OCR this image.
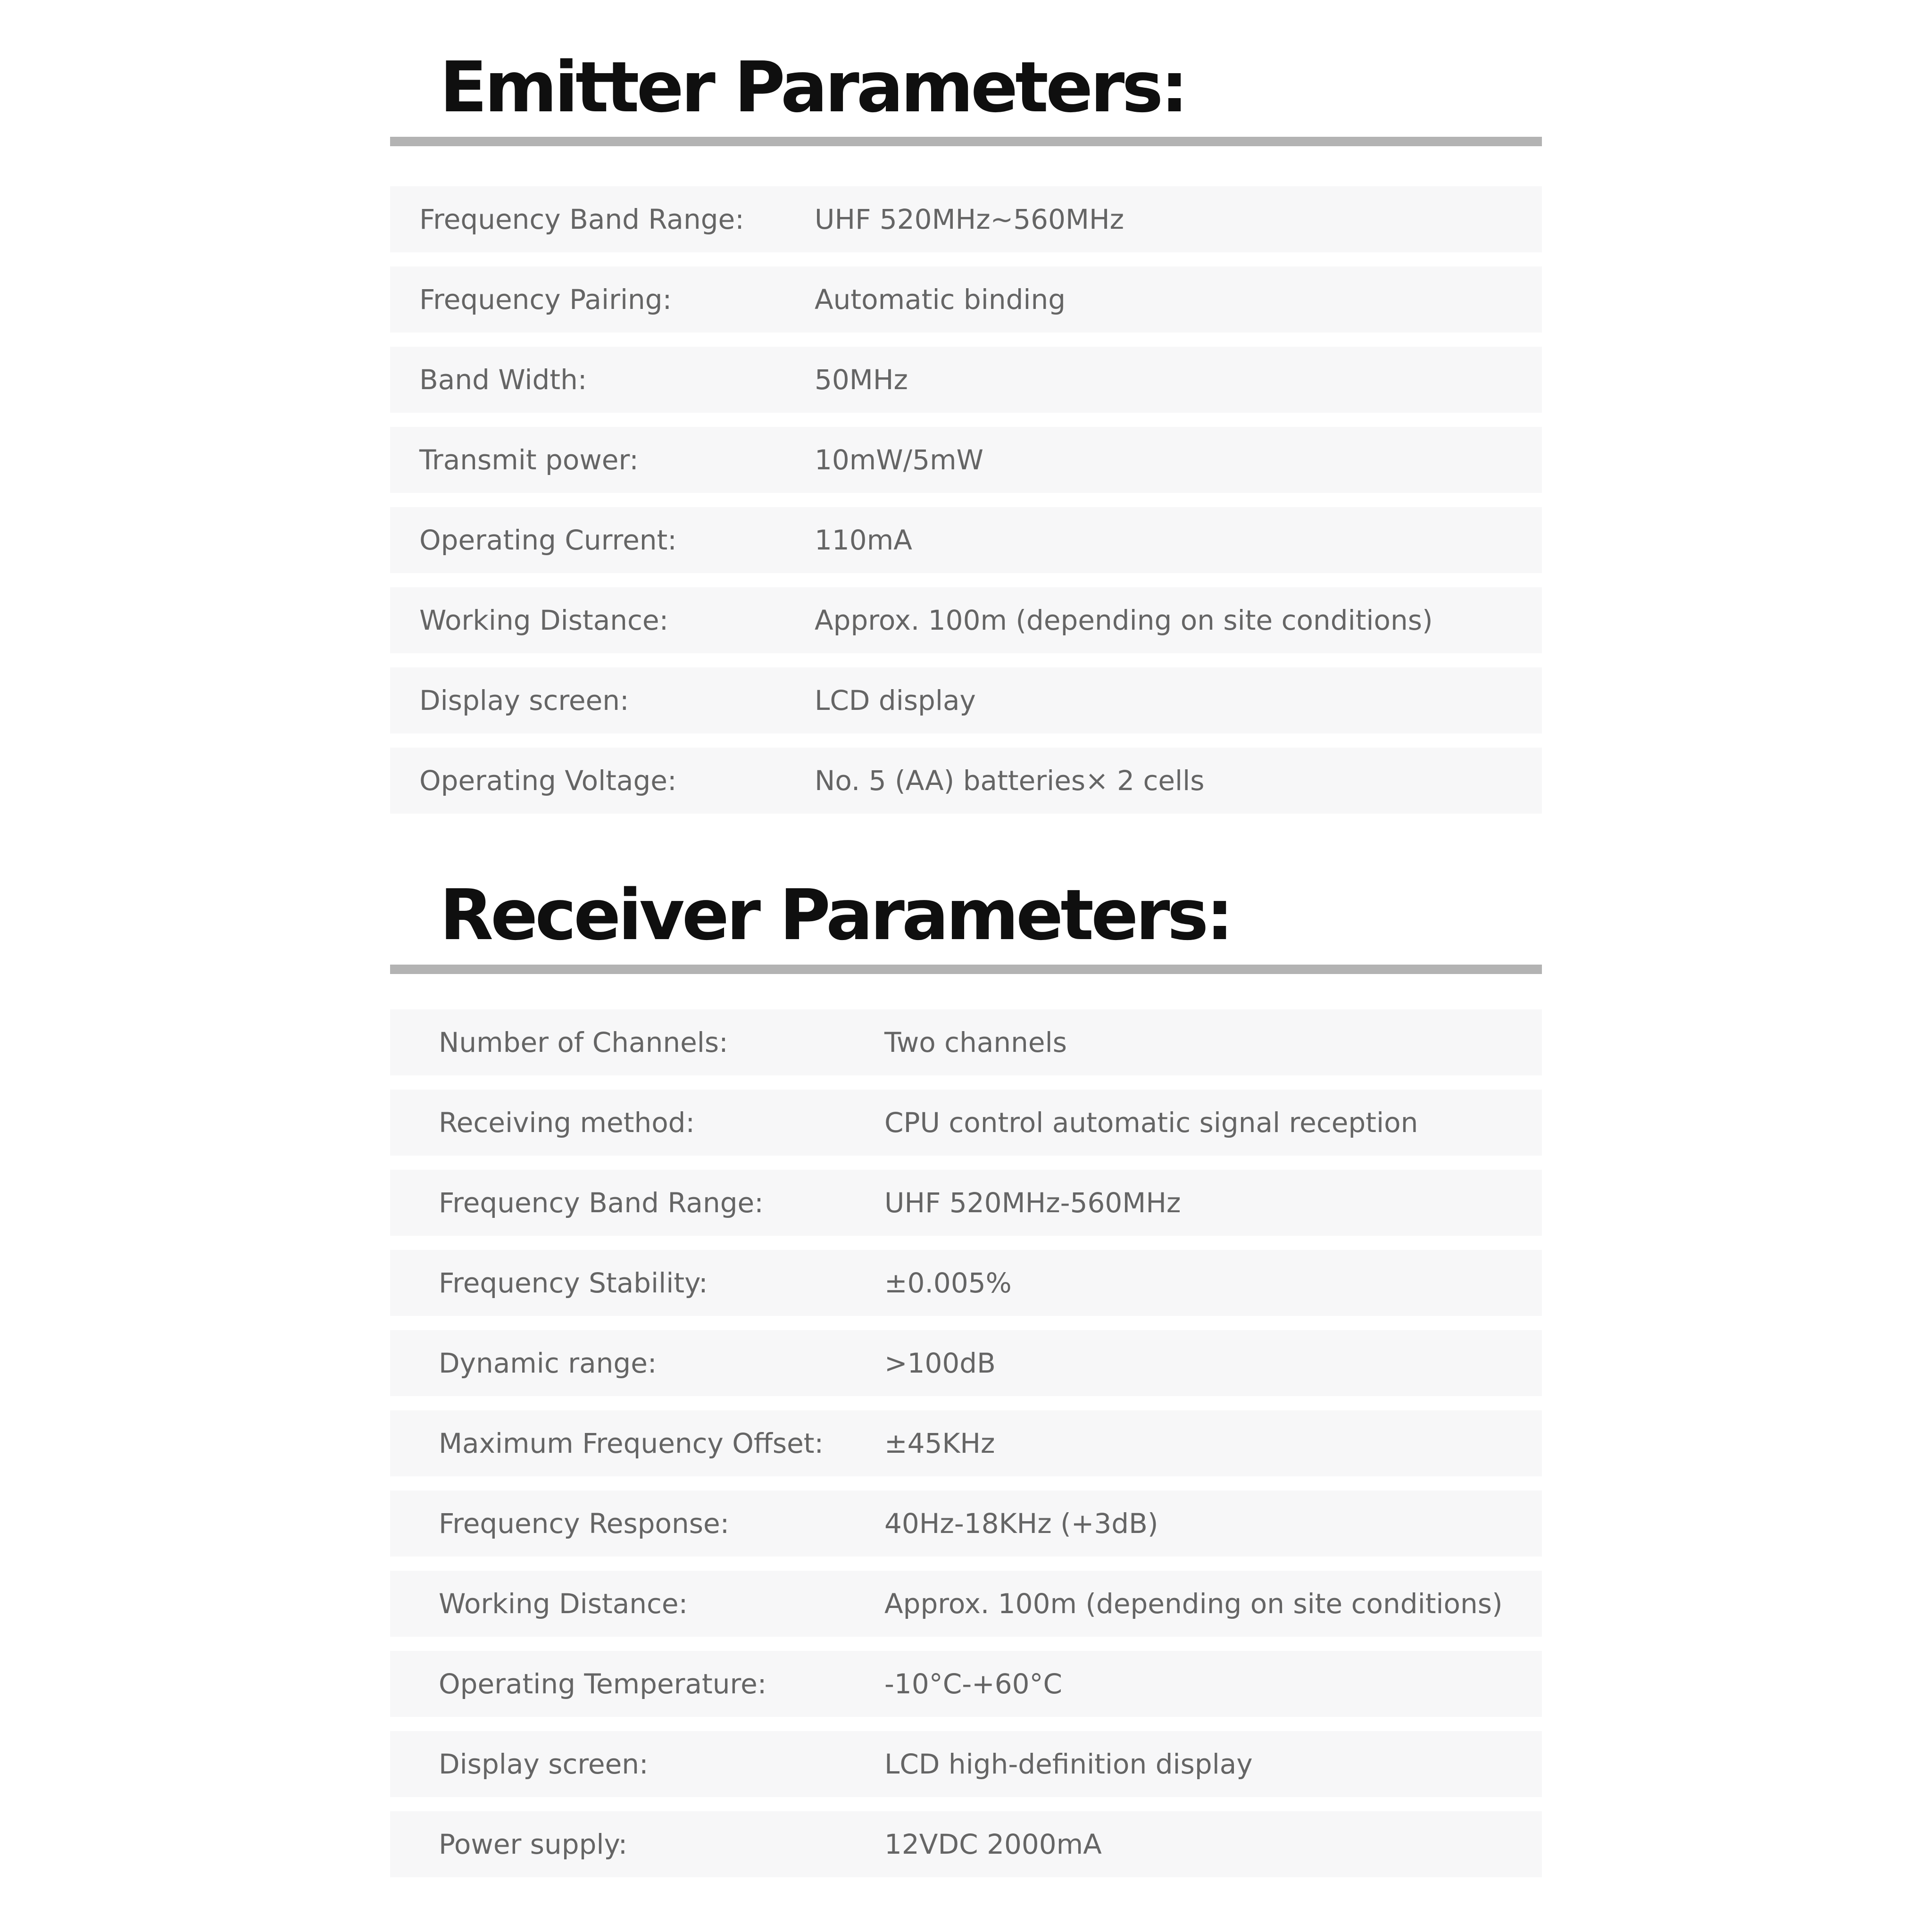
Emitter Parameters:
Frequency Band Range:	UHF 520MHz~560MHz
Frequency Pairing:	Automatic binding
Band Width:	50MHz
Transmit power:	10mW/5mW
Operating Current:	110mA
Working Distance:	Approx. 100m (depending on site conditions)
Display screen:	LCD display
Operating Voltage:	No. 5 (AA) batteries× 2 cells
Receiver Parameters:
Number of Channels:	Two channels
Receiving method:	CPU control automatic signal reception
Frequency Band Range:	UHF 520MHz-560MHz
Frequency Stability:	±0.005%
Dynamic range:	>100dB
Maximum Frequency Offset:	±45KHz
Frequency Response:	40Hz-18KHz (+3dB)
Working Distance:	Approx. 100m (depending on site conditions)
Operating Temperature:	-10°C-+60°C
Display screen:	LCD high-definition display
Power supply:	12VDC 2000mA
